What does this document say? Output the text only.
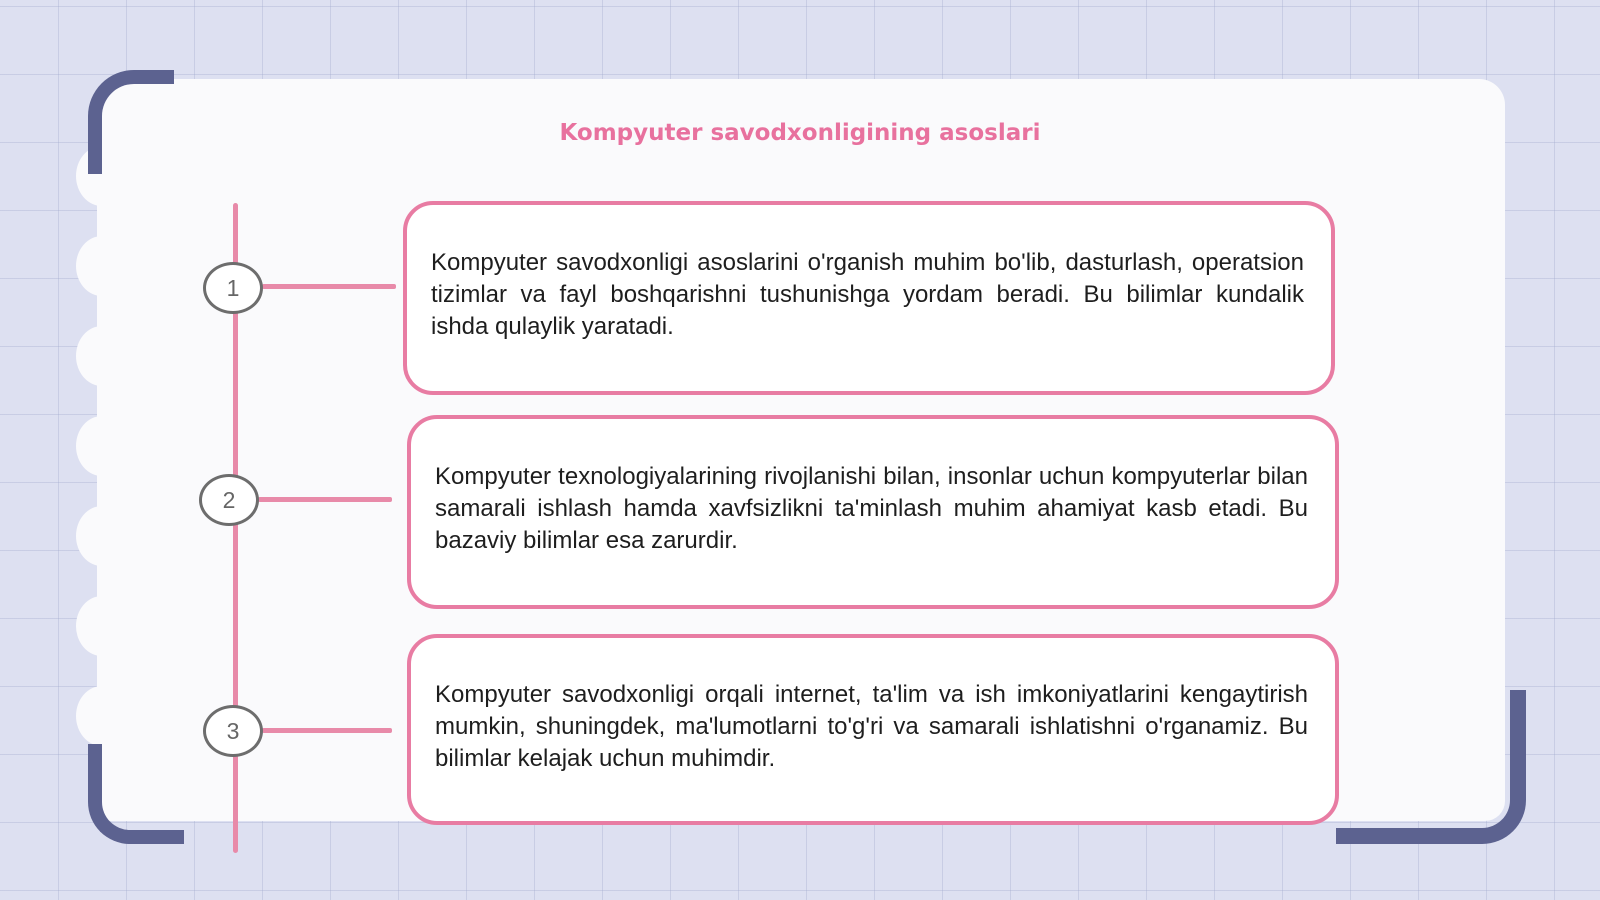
Kompyuter savodxonligining asoslari
1
2
3

Kompyuter savodxonligi asoslarini o'rganish muhim bo'lib, dasturlash, operatsion tizimlar va fayl boshqarishni tushunishga yordam beradi. Bu bilimlar kundalik ishda qulaylik yaratadi.

Kompyuter texnologiyalarining rivojlanishi bilan, insonlar uchun kompyuterlar bilan samarali ishlash hamda xavfsizlikni ta'minlash muhim ahamiyat kasb etadi. Bu bazaviy bilimlar esa zarurdir.

Kompyuter savodxonligi orqali internet, ta'lim va ish imkoniyatlarini kengaytirish mumkin, shuningdek, ma'lumotlarni to'g'ri va samarali ishlatishni o'rganamiz. Bu bilimlar kelajak uchun muhimdir.
